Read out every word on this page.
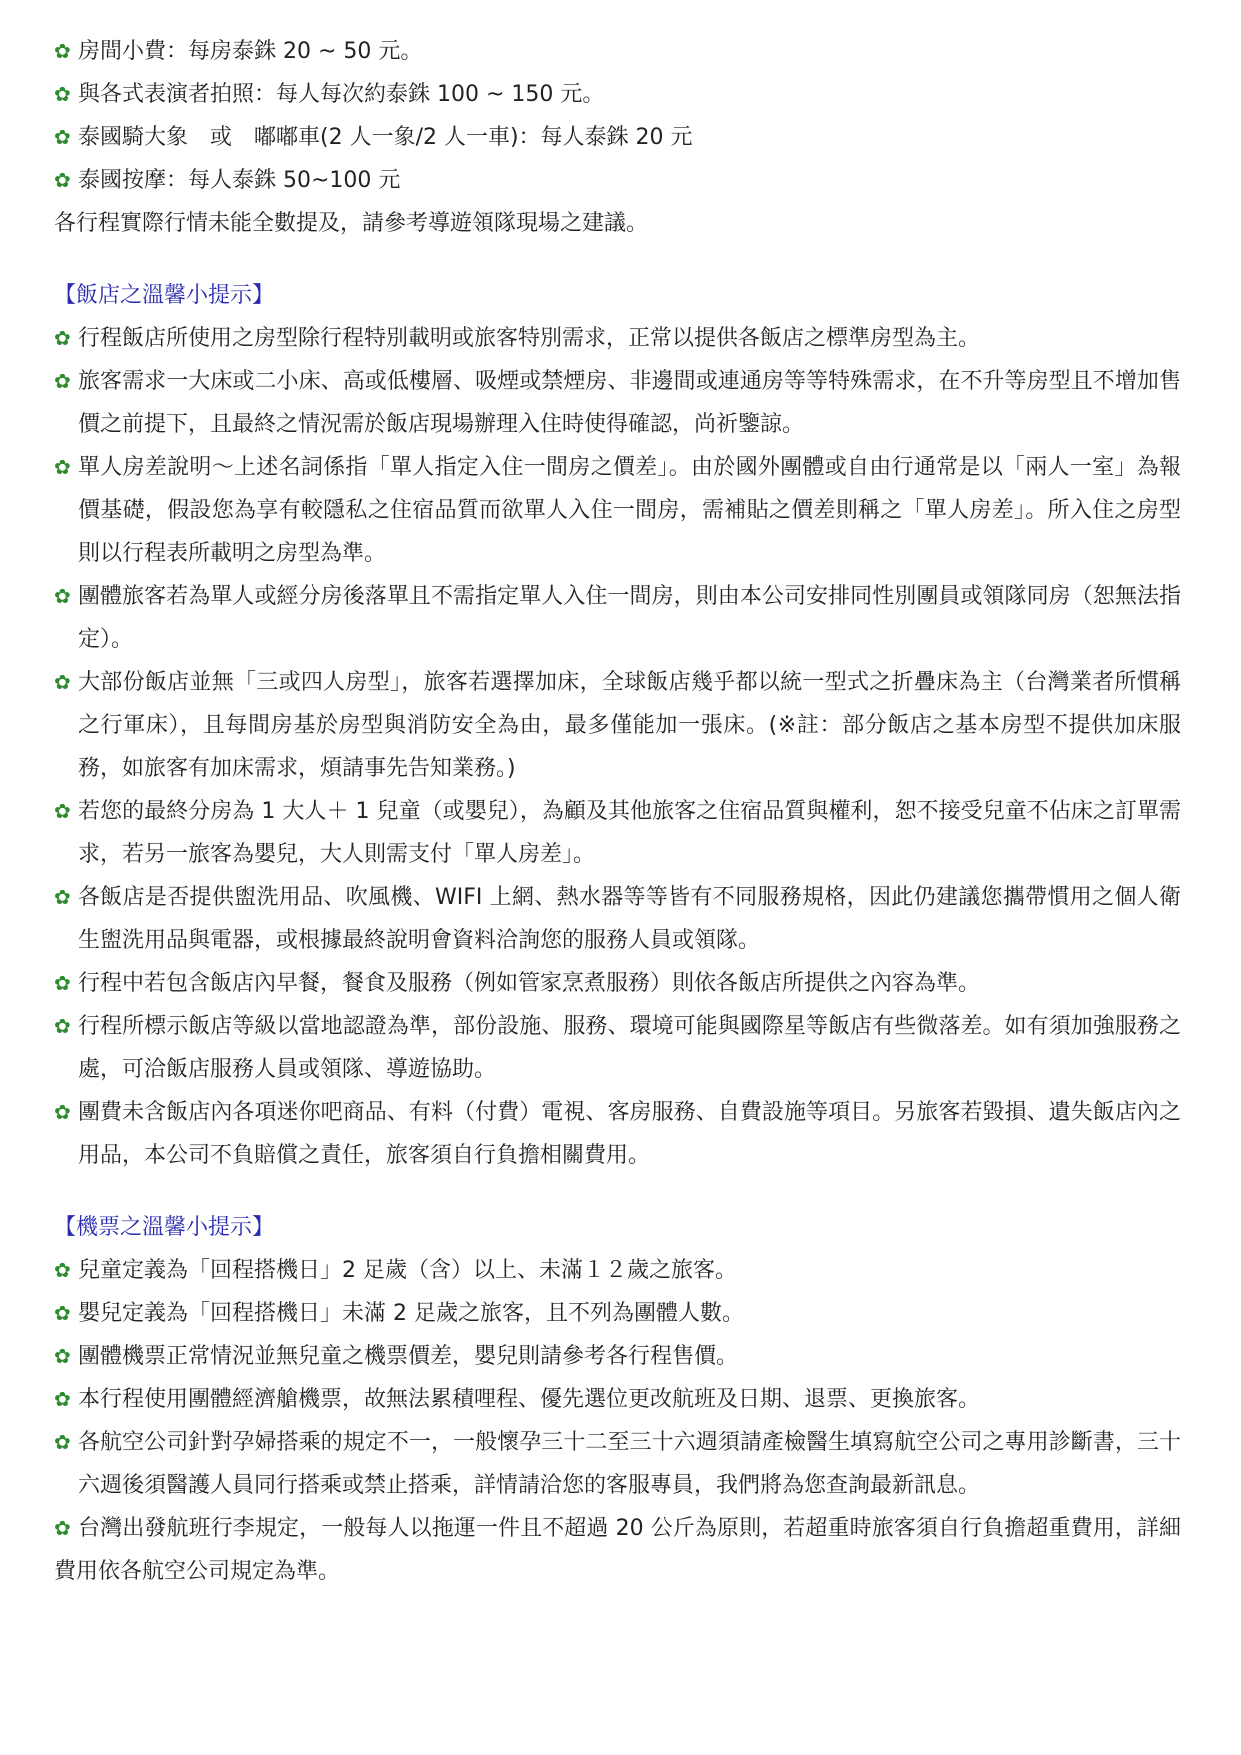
✿ 房間小費：每房泰銖 20 ~ 50 元。
✿ 與各式表演者拍照：每人每次約泰銖 100 ~ 150 元。
✿ 泰國騎大象　或　嘟嘟車(2 人一象/2 人一車)：每人泰銖 20 元
✿ 泰國按摩：每人泰銖 50~100 元
各行程實際行情未能全數提及，請參考導遊領隊現場之建議。
【飯店之溫馨小提示】
✿ 行程飯店所使用之房型除行程特別載明或旅客特別需求，正常以提供各飯店之標準房型為主。
✿ 旅客需求一大床或二小床、高或低樓層、吸煙或禁煙房、非邊間或連通房等等特殊需求，在不升等房型且不增加售價之前提下，且最終之情況需於飯店現場辦理入住時使得確認，尚祈鑒諒。
✿ 單人房差說明～上述名詞係指「單人指定入住一間房之價差」。由於國外團體或自由行通常是以「兩人一室」為報價基礎，假設您為享有較隱私之住宿品質而欲單人入住一間房，需補貼之價差則稱之「單人房差」。所入住之房型則以行程表所載明之房型為準。
✿ 團體旅客若為單人或經分房後落單且不需指定單人入住一間房，則由本公司安排同性別團員或領隊同房（恕無法指定）。
✿ 大部份飯店並無「三或四人房型」，旅客若選擇加床，全球飯店幾乎都以統一型式之折疊床為主（台灣業者所慣稱之行軍床），且每間房基於房型與消防安全為由，最多僅能加一張床。(※註：部分飯店之基本房型不提供加床服務，如旅客有加床需求，煩請事先告知業務。)
✿ 若您的最終分房為 1 大人＋ 1 兒童（或嬰兒），為顧及其他旅客之住宿品質與權利，恕不接受兒童不佔床之訂單需求，若另一旅客為嬰兒，大人則需支付「單人房差」。
✿ 各飯店是否提供盥洗用品、吹風機、WIFI 上網、熱水器等等皆有不同服務規格，因此仍建議您攜帶慣用之個人衛生盥洗用品與電器，或根據最終說明會資料洽詢您的服務人員或領隊。
✿ 行程中若包含飯店內早餐，餐食及服務（例如管家烹煮服務）則依各飯店所提供之內容為準。
✿ 行程所標示飯店等級以當地認證為準，部份設施、服務、環境可能與國際星等飯店有些微落差。如有須加強服務之處，可洽飯店服務人員或領隊、導遊協助。
✿ 團費未含飯店內各項迷你吧商品、有料（付費）電視、客房服務、自費設施等項目。另旅客若毀損、遺失飯店內之用品，本公司不負賠償之責任，旅客須自行負擔相關費用。
【機票之溫馨小提示】
✿ 兒童定義為「回程搭機日」2 足歲（含）以上、未滿１２歲之旅客。
✿ 嬰兒定義為「回程搭機日」未滿 2 足歲之旅客，且不列為團體人數。
✿ 團體機票正常情況並無兒童之機票價差，嬰兒則請參考各行程售價。
✿ 本行程使用團體經濟艙機票，故無法累積哩程、優先選位更改航班及日期、退票、更換旅客。
✿ 各航空公司針對孕婦搭乘的規定不一，一般懷孕三十二至三十六週須請產檢醫生填寫航空公司之專用診斷書，三十六週後須醫護人員同行搭乘或禁止搭乘，詳情請洽您的客服專員，我們將為您查詢最新訊息。
✿ 台灣出發航班行李規定，一般每人以拖運一件且不超過 20 公斤為原則，若超重時旅客須自行負擔超重費用，詳細費用依各航空公司規定為準。
